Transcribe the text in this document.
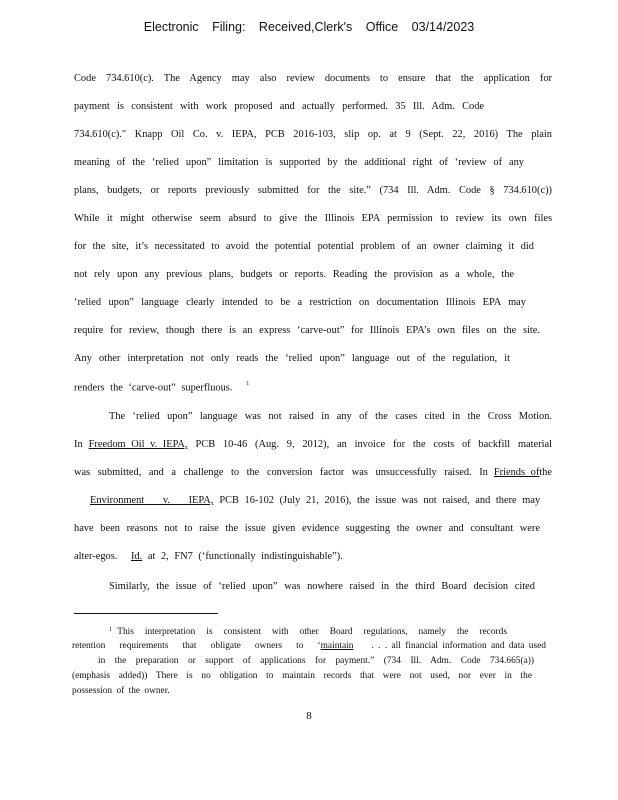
Electronic Filing: Received,Clerk's Office 03/14/2023
Code 734.610(c). The Agency may also review documents to ensure that the application for
payment is consistent with work proposed and actually performed. 35 Ill. Adm. Code
734.610(c)." Knapp Oil Co. v. IEPA, PCB 2016-103, slip op. at 9 (Sept. 22, 2016) The plain
meaning of the ‘relied upon” limitation is supported by the additional right of ‘review of any
plans, budgets, or reports previously submitted for the site.” (734 Ill. Adm. Code § 734.610(c))
While it might otherwise seem absurd to give the Illinois EPA permission to review its own files
for the site, it’s necessitated to avoid the potential potential problem of an owner claiming it did
not rely upon any previous plans, budgets or reports. Reading the provision as a whole, the
‘relied upon” language clearly intended to be a restriction on documentation Illinois EPA may
require for review, though there is an express ‘carve-out” for Illinois EPA’s own files on the site.
Any other interpretation not only reads the ‘relied upon” language out of the regulation, it
renders the ‘carve-out” superfluous. $^1$
The ‘relied upon” language was not raised in any of the cases cited in the Cross Motion.
In Freedom Oil v. IEPA, PCB 10-46 (Aug. 9, 2012), an invoice for the costs of backfill material
was submitted, and a challenge to the conversion factor was unsuccessfully raised. In Friends of the
Environment v. IEPA, PCB 16-102 (July 21, 2016), the issue was not raised, and there may
have been reasons not to raise the issue given evidence suggesting the owner and consultant were
alter-egos. Id. at 2, FN7 (‘functionally indistinguishable”).
Similarly, the issue of ‘relied upon” was nowhere raised in the third Board decision cited
1 This interpretation is consistent with other Board regulations, namely the records
retention requirements that obligate owners to ‘ maintain	. . . all financial information and data used
in the preparation or support of applications for payment.” (734 Ill. Adm. Code 734.665(a))
(emphasis added)) There is no obligation to maintain records that were not used, nor ever in the
possession of the owner.
8
